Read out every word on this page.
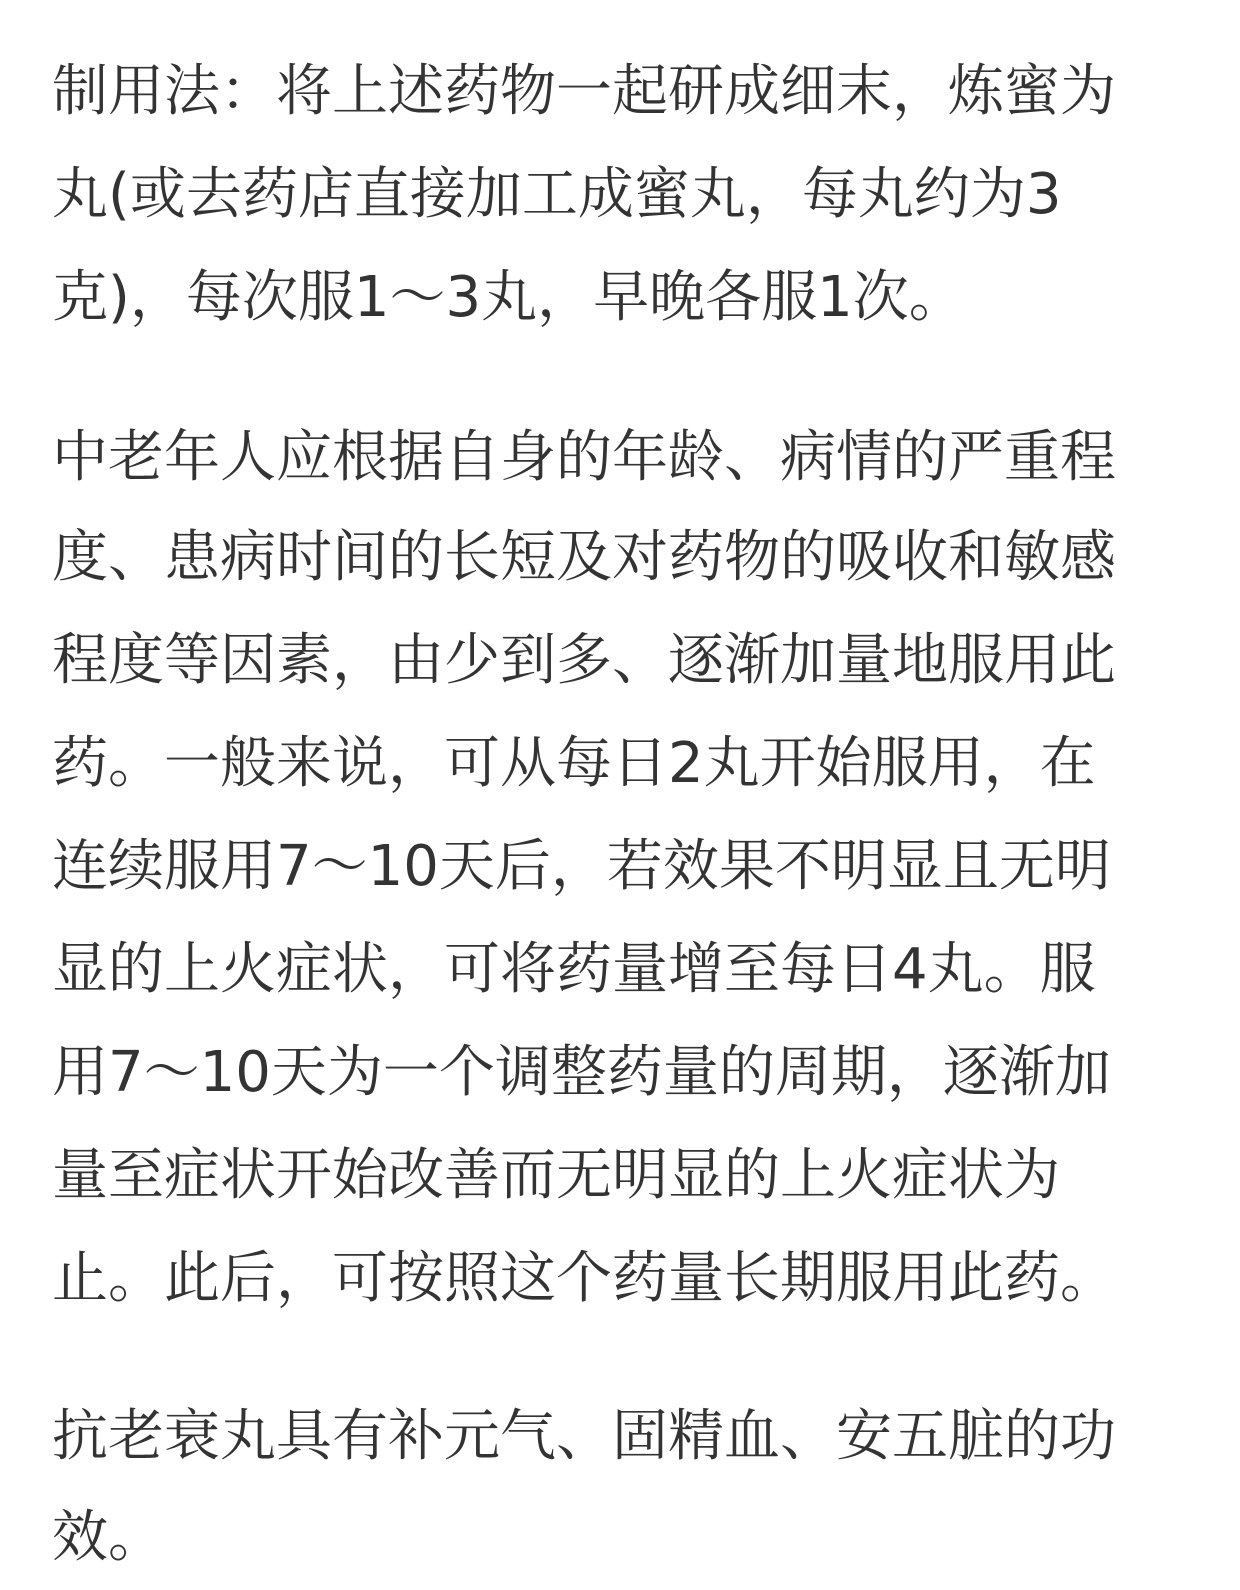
制用法：将上述药物一起研成细末，炼蜜为
丸(或去药店直接加工成蜜丸，每丸约为3
克)，每次服1～3丸，早晚各服1次。
中老年人应根据自身的年龄、病情的严重程
度、患病时间的长短及对药物的吸收和敏感
程度等因素，由少到多、逐渐加量地服用此
药。一般来说，可从每日2丸开始服用，在
连续服用7～10天后，若效果不明显且无明
显的上火症状，可将药量增至每日4丸。服
用7～10天为一个调整药量的周期，逐渐加
量至症状开始改善而无明显的上火症状为
止。此后，可按照这个药量长期服用此药。
抗老衰丸具有补元气、固精血、安五脏的功
效。
